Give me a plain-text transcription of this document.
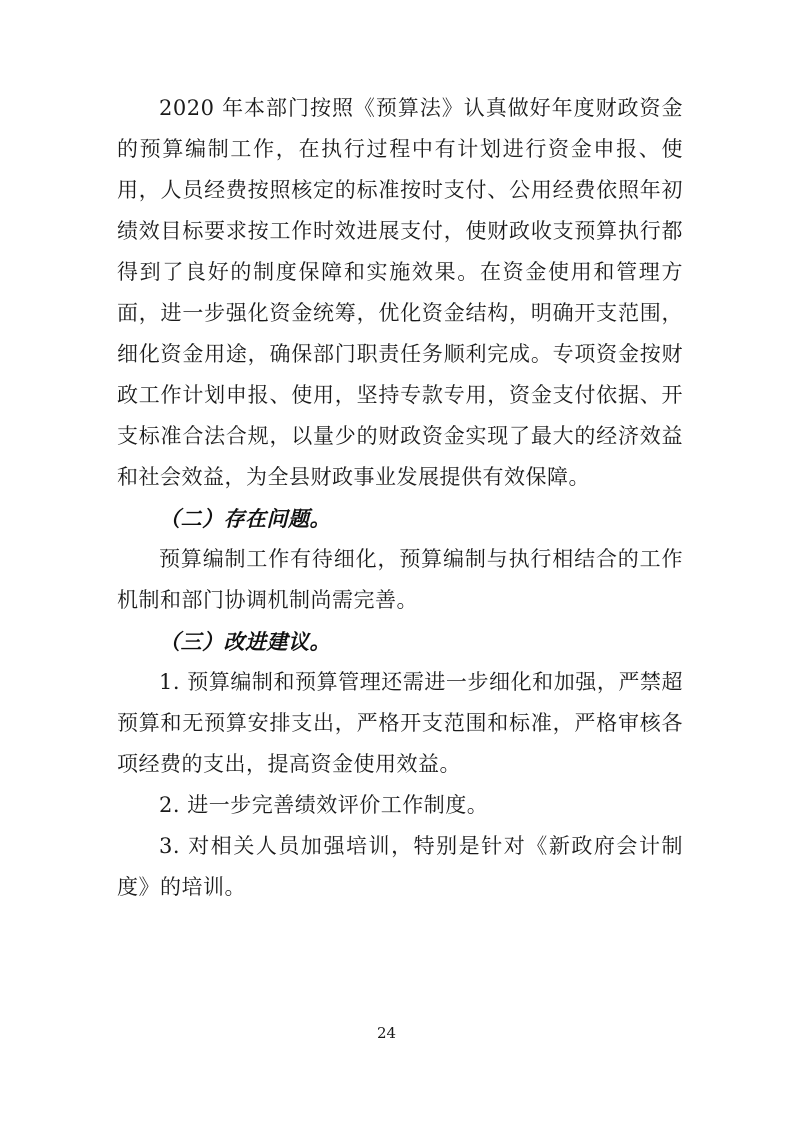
2020 年本部门按照《预算法》认真做好年度财政资金的预算编制工作，在执行过程中有计划进行资金申报、使用，人员经费按照核定的标准按时支付、公用经费依照年初绩效目标要求按工作时效进展支付，使财政收支预算执行都得到了良好的制度保障和实施效果。在资金使用和管理方面，进一步强化资金统筹，优化资金结构，明确开支范围，细化资金用途，确保部门职责任务顺利完成。专项资金按财政工作计划申报、使用，坚持专款专用，资金支付依据、开支标准合法合规，以量少的财政资金实现了最大的经济效益和社会效益，为全县财政事业发展提供有效保障。

（二）存在问题。

预算编制工作有待细化，预算编制与执行相结合的工作机制和部门协调机制尚需完善。

（三）改进建议。

1. 预算编制和预算管理还需进一步细化和加强，严禁超预算和无预算安排支出，严格开支范围和标准，严格审核各项经费的支出，提高资金使用效益。

2. 进一步完善绩效评价工作制度。

3. 对相关人员加强培训，特别是针对《新政府会计制度》的培训。

24
